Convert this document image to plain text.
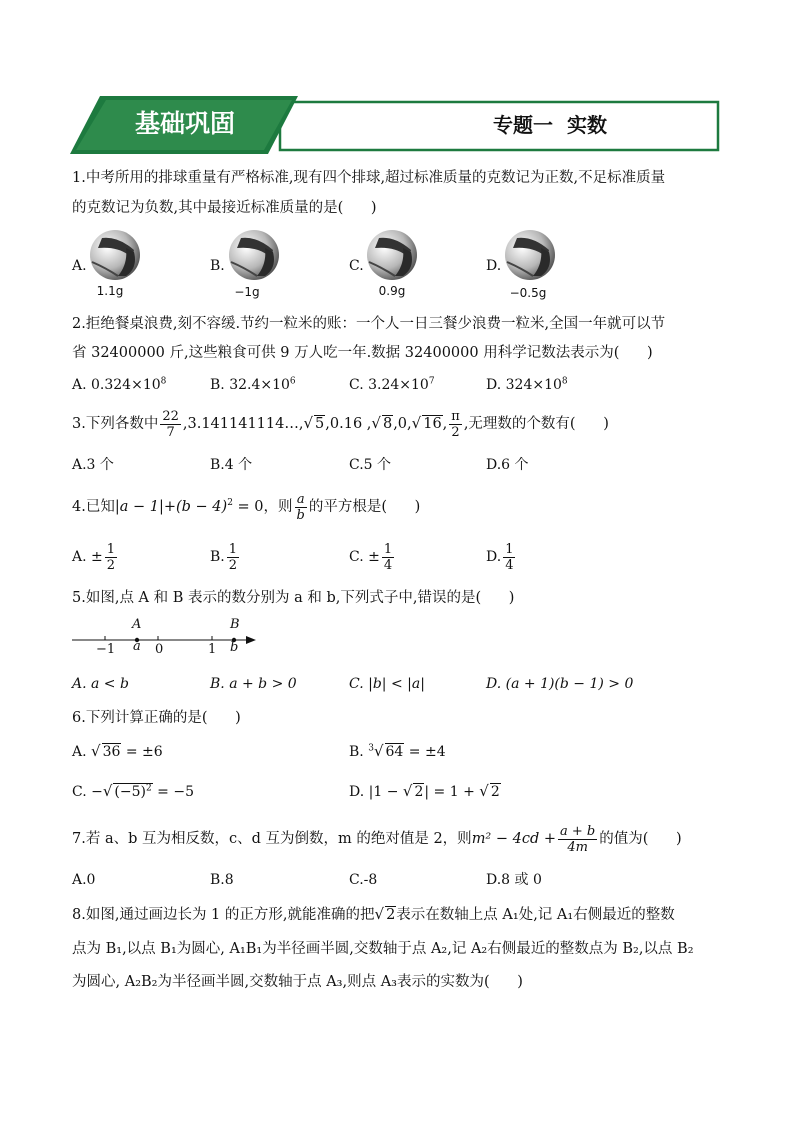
基础巩固	专题一  实数
1.中考所用的排球重量有严格标准,现有四个排球,超过标准质量的克数记为正数,不足标准质量
的克数记为负数,其中最接近标准质量的是(      )
A.	B.	C.	D.
1.1g	−1g	0.9g	−0.5g
2.拒绝餐桌浪费,刻不容缓.节约一粒米的账：一个人一日三餐少浪费一粒米,全国一年就可以节
省 32400000 斤,这些粮食可供 9 万人吃一年.数据 32400000 用科学记数法表示为(      )
A. $0.324\times 10^8$	B. $32.4\times 10^6$	C. $3.24\times 10^7$	D. $324\times 10^8$
3.下列各数中 $\frac{22}{7}$ ,3.141141114…,√ 5,0.16 ,√ 8,0,√ 16, $\frac{\pi}{2}$ ,无理数的个数有(      )
A.3 个	B.4 个	C.5 个	D.6 个
4.已知$|a - 1|+(b - 4)^2 = 0$，则 $\frac{a}{b}$ 的平方根是(      )
A. ± $\frac{1}{2}$	B. $\frac{1}{2}$	C. ± $\frac{1}{4}$	D. $\frac{1}{4}$
5.如图,点 A 和 B 表示的数分别为 a 和 b,下列式子中,错误的是(      )
A	B
−1 a 0	1 b
A. a < b	B. a + b > 0	C. |b| < |a|	D. (a + 1)(b − 1) > 0
6.下列计算正确的是(      )
A. √ 36 = ±6	B. $^3$√ 64 = ±4
C. −√ $(-5)^2 = -5$	D. |1 − √ 2| = 1 + √ 2
7.若 a、b 互为相反数，c、d 互为倒数，m 的绝对值是 2，则$m^2 - 4cd + \frac{a + b}{4m}$ 的值为(      )
A.0	B.8	C.-8	D.8 或 0
8.如图,通过画边长为 1 的正方形,就能准确的把√ 2表示在数轴上点 A₁处,记 A₁右侧最近的整数
点为 B₁,以点 B₁为圆心, A₁B₁为半径画半圆,交数轴于点 A₂,记 A₂右侧最近的整数点为 B₂,以点 B₂
为圆心, A₂B₂为半径画半圆,交数轴于点 A₃,则点 A₃表示的实数为(      )
